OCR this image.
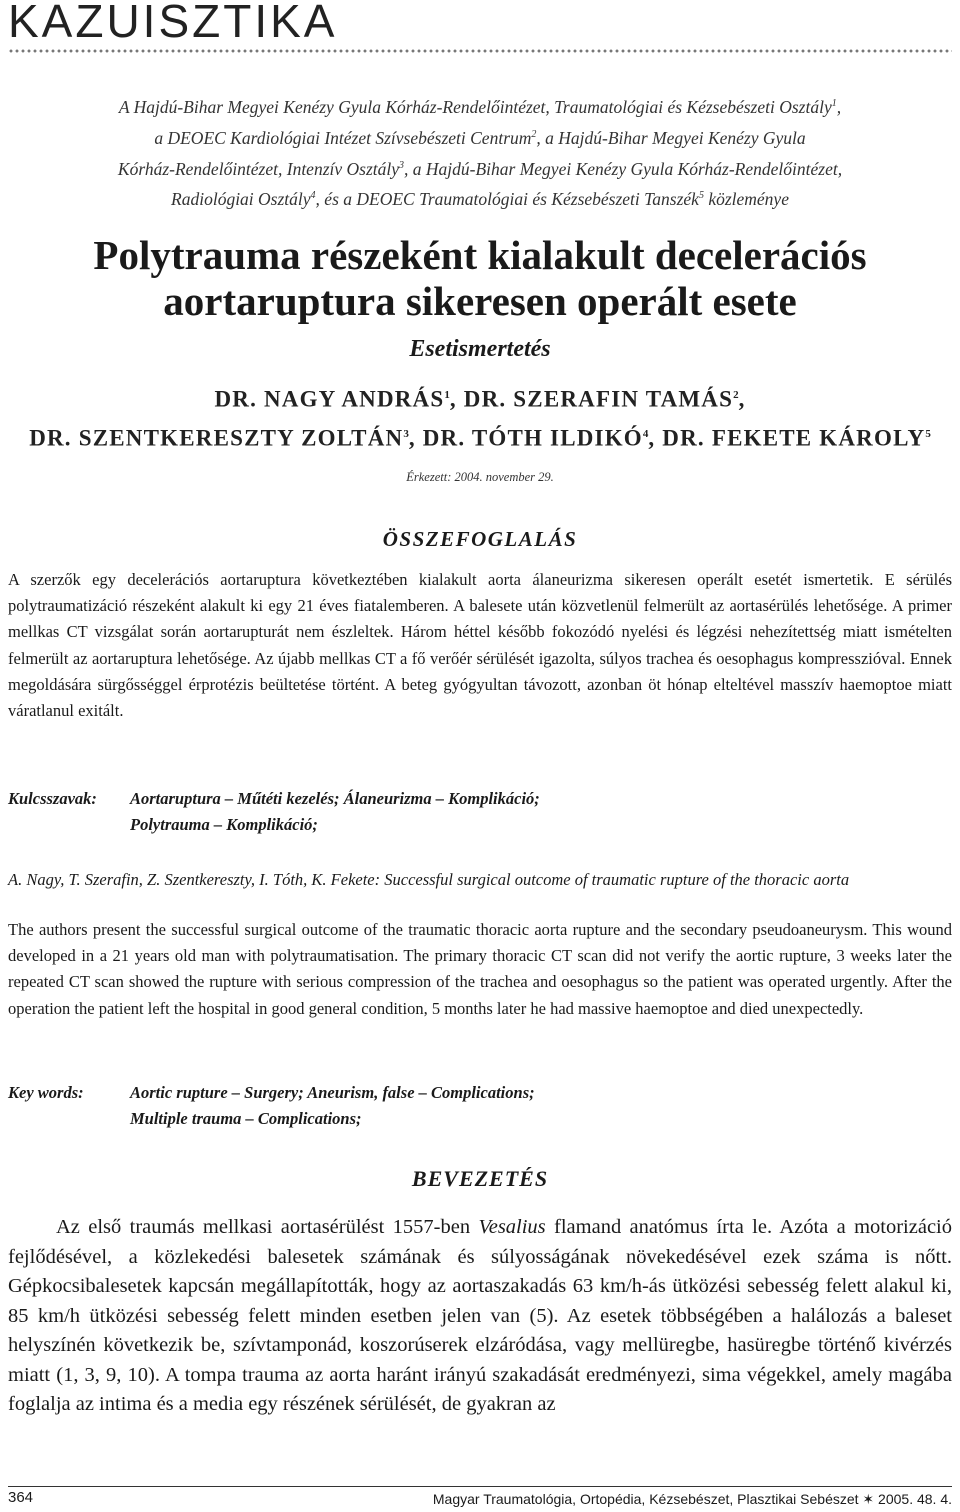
KAZUISZTIKA
A Hajdú-Bihar Megyei Kenézy Gyula Kórház-Rendelőintézet, Traumatológiai és Kézsebészeti Osztály$^1$,
a DEOEC Kardiológiai Intézet Szívsebészeti Centrum$^2$, a Hajdú-Bihar Megyei Kenézy Gyula
Kórház-Rendelőintézet, Intenzív Osztály$^3$, a Hajdú-Bihar Megyei Kenézy Gyula Kórház-Rendelőintézet,
Radiológiai Osztály$^4$, és a DEOEC Traumatológiai és Kézsebészeti Tanszék$^5$ közleménye
Polytrauma részeként kialakult decelerációs
aortaruptura sikeresen operált esete
Esetismertetés
DR. NAGY ANDRÁS$^1$, DR. SZERAFIN TAMÁS$^2$,
DR. SZENTKERESZTY ZOLTÁN$^3$, DR. TÓTH ILDIKÓ$^4$, DR. FEKETE KÁROLY$^5$
Érkezett: 2004. november 29.
ÖSSZEFOGLALÁS

A szerzők egy decelerációs aortaruptura következtében kialakult aorta álaneurizma sikeresen operált esetét ismertetik. E sérülés polytraumatizáció részeként alakult ki egy 21 éves fiatalemberen. A balesete után közvetlenül felmerült az aortasérülés lehetősége. A primer mellkas CT vizsgálat során aortarupturát nem észleltek. Három héttel később fokozódó nyelési és légzési nehezítettség miatt ismételten felmerült az aortaruptura lehetősége. Az újabb mellkas CT a fő verőér sérülését igazolta, súlyos trachea és oesophagus kompresszióval. Ennek megoldására sürgősséggel érprotézis beültetése történt. A beteg gyógyultan távozott, azonban öt hónap elteltével masszív haemoptoe miatt váratlanul exitált.

Kulcsszavak: Aortaruptura – Műtéti kezelés; Álaneurizma – Komplikáció;
Polytrauma – Komplikáció;

A. Nagy, T. Szerafin, Z. Szentkereszty, I. Tóth, K. Fekete: Successful surgical outcome of traumatic rupture of the thoracic aorta

The authors present the successful surgical outcome of the traumatic thoracic aorta rupture and the secondary pseudoaneurysm. This wound developed in a 21 years old man with polytraumatisation. The primary thoracic CT scan did not verify the aortic rupture, 3 weeks later the repeated CT scan showed the rupture with serious compression of the trachea and oesophagus so the patient was operated urgently. After the operation the patient left the hospital in good general condition, 5 months later he had massive haemoptoe and died unexpectedly.

Key words:	Aortic rupture – Surgery; Aneurism, false – Complications;
Multiple trauma – Complications;
BEVEZETÉS

Az első traumás mellkasi aortasérülést 1557-ben Vesalius flamand anatómus írta le. Azóta a motorizáció fejlődésével, a közlekedési balesetek számának és súlyosságának növekedésével ezek száma is nőtt. Gépkocsibalesetek kapcsán megállapították, hogy az aortaszakadás 63 km/h-ás ütközési sebesség felett alakul ki, 85 km/h ütközési sebesség felett minden esetben jelen van (5). Az esetek többségében a halálozás a baleset helyszínén következik be, szívtamponád, koszorúserek elzáródása, vagy mellüregbe, hasüregbe történő kivérzés miatt (1, 3, 9, 10). A tompa trauma az aorta haránt irányú szakadását eredményezi, sima végekkel, amely magába foglalja az intima és a media egy részének sérülését, de gyakran az

364	Magyar Traumatológia, Ortopédia, Kézsebészet, Plasztikai Sebészet ✶ 2005. 48. 4.
